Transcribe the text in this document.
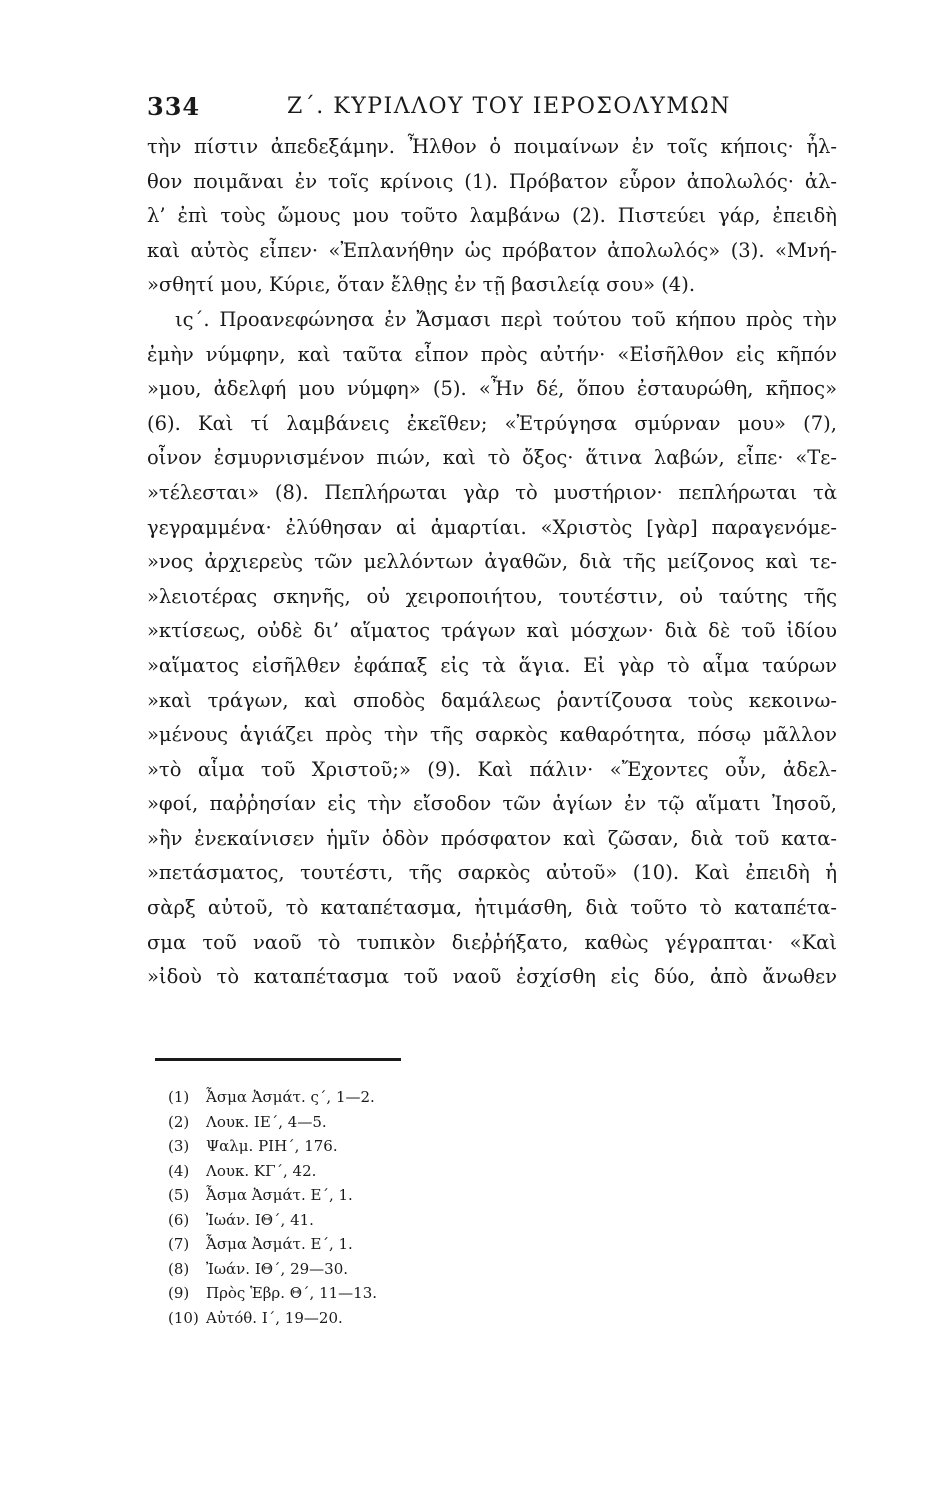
334	Ζ΄. ΚΥΡΙΛΛΟΥ ΤΟΥ ΙΕΡΟΣΟΛΥΜΩΝ
τὴν πίστιν ἀπεδεξάμην. Ἦλθον ὁ ποιμαίνων ἐν τοῖς κήποις· ἦλ-
θον ποιμᾶναι ἐν τοῖς κρίνοις (1). Πρόβατον εὗρον ἀπολωλός· ἀλ-
λ’ ἐπὶ τοὺς ὤμους μου τοῦτο λαμβάνω (2). Πιστεύει γάρ, ἐπειδὴ
καὶ αὐτὸς εἶπεν· «Ἐπλανήθην ὡς πρόβατον ἀπολωλός» (3). «Μνή-
»σθητί μου, Κύριε, ὅταν ἔλθῃς ἐν τῇ βασιλείᾳ σου» (4).
ις΄. Προανεφώνησα ἐν Ἄσμασι περὶ τούτου τοῦ κήπου πρὸς τὴν
ἐμὴν νύμφην, καὶ ταῦτα εἶπον πρὸς αὐτήν· «Εἰσῆλθον εἰς κῆπόν
»μου, ἀδελφή μου νύμφη» (5). «Ἦν δέ, ὅπου ἐσταυρώθη, κῆπος»
(6). Καὶ τί λαμβάνεις ἐκεῖθεν; «Ἐτρύγησα σμύρναν μου» (7),
οἶνον ἐσμυρνισμένον πιών, καὶ τὸ ὄξος· ἅτινα λαβών, εἶπε· «Τε-
»τέλεσται» (8). Πεπλήρωται γὰρ τὸ μυστήριον· πεπλήρωται τὰ
γεγραμμένα· ἐλύθησαν αἱ ἁμαρτίαι. «Χριστὸς [γὰρ] παραγενόμε-
»νος ἀρχιερεὺς τῶν μελλόντων ἀγαθῶν, διὰ τῆς μείζονος καὶ τε-
»λειοτέρας σκηνῆς, οὐ χειροποιήτου, τουτέστιν, οὐ ταύτης τῆς
»κτίσεως, οὐδὲ δι’ αἵματος τράγων καὶ μόσχων· διὰ δὲ τοῦ ἰδίου
»αἵματος εἰσῆλθεν ἐφάπαξ εἰς τὰ ἅγια. Εἰ γὰρ τὸ αἷμα ταύρων
»καὶ τράγων, καὶ σποδὸς δαμάλεως ῥαντίζουσα τοὺς κεκοινω-
»μένους ἁγιάζει πρὸς τὴν τῆς σαρκὸς καθαρότητα, πόσῳ μᾶλλον
»τὸ αἷμα τοῦ Χριστοῦ;» (9). Καὶ πάλιν· «Ἔχοντες οὖν, ἀδελ-
»φοί, παῤῥησίαν εἰς τὴν εἴσοδον τῶν ἁγίων ἐν τῷ αἵματι Ἰησοῦ,
»ἣν ἐνεκαίνισεν ἡμῖν ὁδὸν πρόσφατον καὶ ζῶσαν, διὰ τοῦ κατα-
»πετάσματος, τουτέστι, τῆς σαρκὸς αὐτοῦ» (10). Καὶ ἐπειδὴ ἡ
σὰρξ αὐτοῦ, τὸ καταπέτασμα, ἠτιμάσθη, διὰ τοῦτο τὸ καταπέτα-
σμα τοῦ ναοῦ τὸ τυπικὸν διεῤῥήξατο, καθὼς γέγραπται· «Καὶ
»ἰδοὺ τὸ καταπέτασμα τοῦ ναοῦ ἐσχίσθη εἰς δύο, ἀπὸ ἄνωθεν
(1) Ἆσμα Ἀσμάτ. ς΄, 1—2.
(2) Λουκ. ΙΕ΄, 4—5.
(3) Ψαλμ. ΡΙΗ΄, 176.
(4) Λουκ. ΚΓ΄, 42.
(5) Ἆσμα Ἀσμάτ. Ε΄, 1.
(6) Ἰωάν. ΙΘ΄, 41.
(7) Ἆσμα Ἀσμάτ. Ε΄, 1.
(8) Ἰωάν. ΙΘ΄, 29—30.
(9) Πρὸς Ἑβρ. Θ΄, 11—13.
(10) Αὐτόθ. Ι΄, 19—20.
